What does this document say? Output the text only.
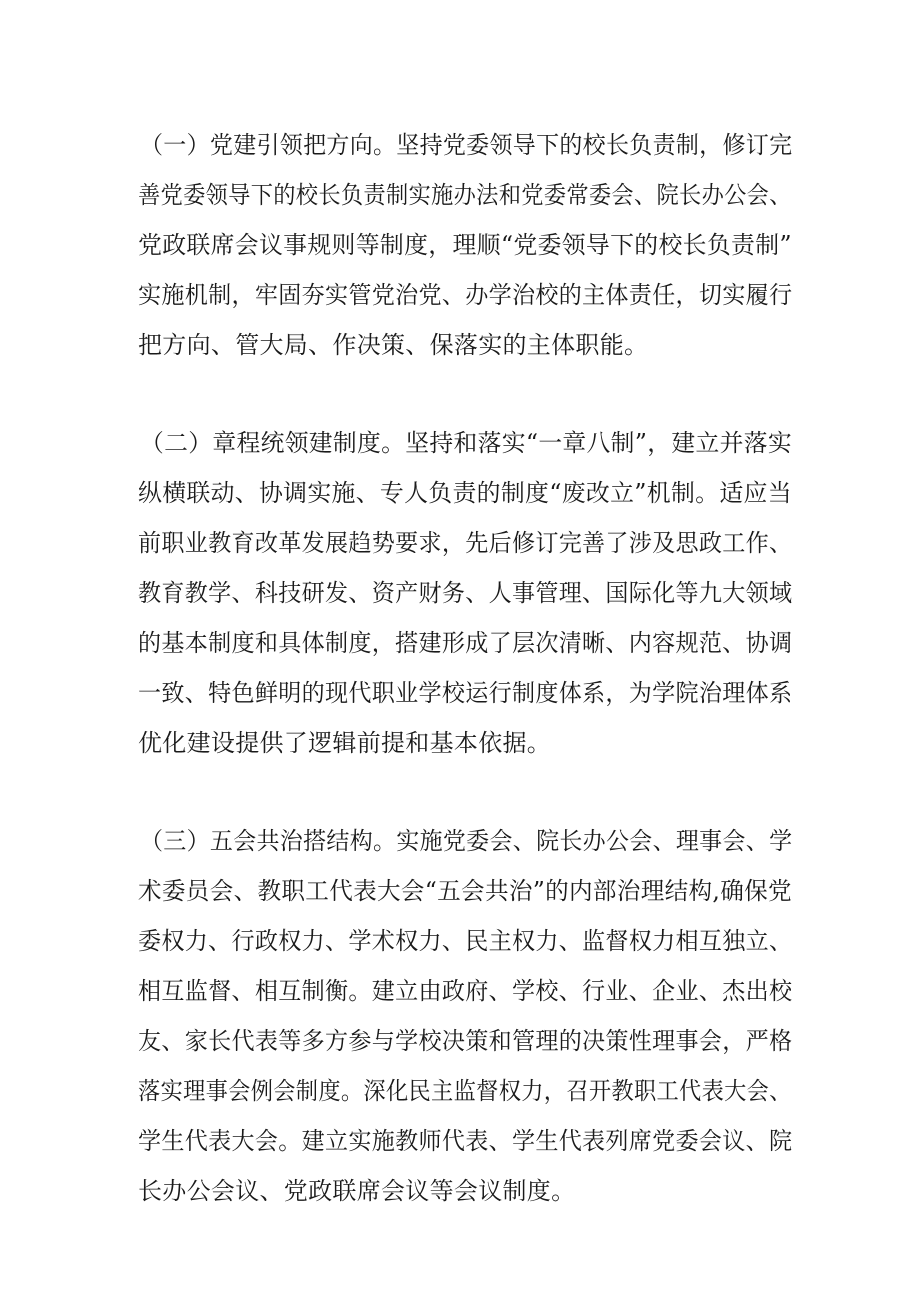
（一）党建引领把方向。坚持党委领导下的校长负责制，修订完
善党委领导下的校长负责制实施办法和党委常委会、院长办公会、
党政联席会议事规则等制度，理顺“党委领导下的校长负责制”
实施机制，牢固夯实管党治党、办学治校的主体责任，切实履行
把方向、管大局、作决策、保落实的主体职能。
（二）章程统领建制度。坚持和落实“一章八制”，建立并落实
纵横联动、协调实施、专人负责的制度“废改立”机制。适应当
前职业教育改革发展趋势要求，先后修订完善了涉及思政工作、
教育教学、科技研发、资产财务、人事管理、国际化等九大领域
的基本制度和具体制度，搭建形成了层次清晰、内容规范、协调
一致、特色鲜明的现代职业学校运行制度体系，为学院治理体系
优化建设提供了逻辑前提和基本依据。
（三）五会共治搭结构。实施党委会、院长办公会、理事会、学
术委员会、教职工代表大会“五会共治”的内部治理结构,确保党
委权力、行政权力、学术权力、民主权力、监督权力相互独立、
相互监督、相互制衡。建立由政府、学校、行业、企业、杰出校
友、家长代表等多方参与学校决策和管理的决策性理事会，严格
落实理事会例会制度。深化民主监督权力，召开教职工代表大会、
学生代表大会。建立实施教师代表、学生代表列席党委会议、院
长办公会议、党政联席会议等会议制度。
